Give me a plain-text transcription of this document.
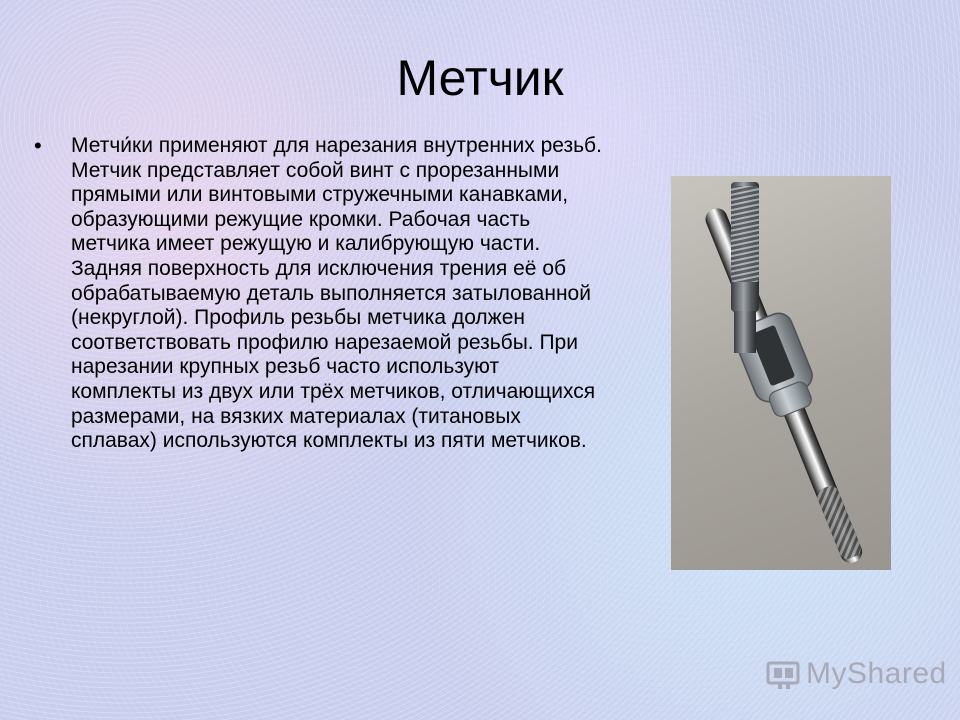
Метчик
• Метчи́ки применяют для нарезания внутренних резьб. Метчик представляет собой винт с прорезанными прямыми или винтовыми стружечными канавками, образующими режущие кромки. Рабочая часть метчика имеет режущую и калибрующую части. Задняя поверхность для исключения трения её об обрабатываемую деталь выполняется затылованной (некруглой). Профиль резьбы метчика должен соответствовать профилю нарезаемой резьбы. При нарезании крупных резьб часто используют комплекты из двух или трёх метчиков, отличающихся размерами, на вязких материалах (титановых сплавах) используются комплекты из пяти метчиков.
MyShared
